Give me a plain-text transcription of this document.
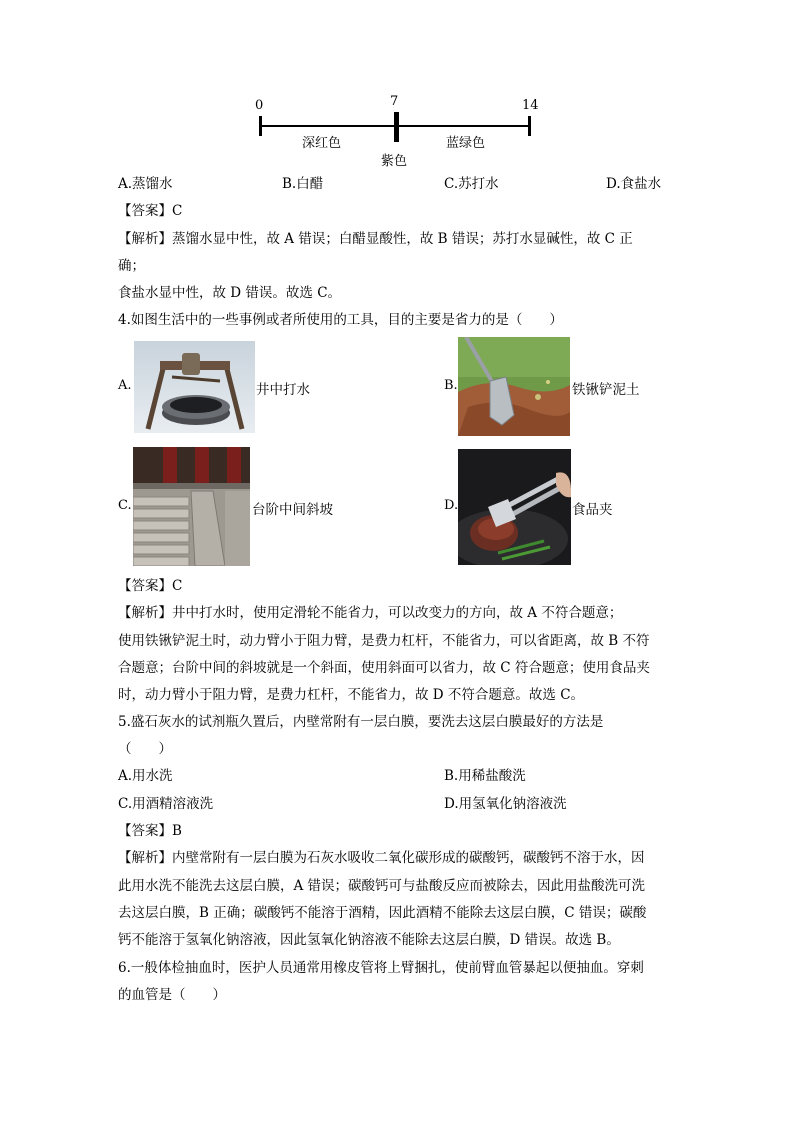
0	7	14
深红色	蓝绿色
紫色
A.蒸馏水	B.白醋	C.苏打水	D.食盐水
【答案】C
【解析】蒸馏水显中性，故 A 错误；白醋显酸性，故 B 错误；苏打水显碱性，故 C 正
确；
食盐水显中性，故 D 错误。故选 C。
4.如图生活中的一些事例或者所使用的工具，目的主要是省力的是（　　）
A.	井中打水	B.	铁锹铲泥土
C.	台阶中间斜坡	D.	食品夹
【答案】C
【解析】井中打水时，使用定滑轮不能省力，可以改变力的方向，故 A 不符合题意；
使用铁锹铲泥土时，动力臂小于阻力臂，是费力杠杆，不能省力，可以省距离，故 B 不符
合题意；台阶中间的斜坡就是一个斜面，使用斜面可以省力，故 C 符合题意；使用食品夹
时，动力臂小于阻力臂，是费力杠杆，不能省力，故 D 不符合题意。故选 C。
5.盛石灰水的试剂瓶久置后，内壁常附有一层白膜，要洗去这层白膜最好的方法是
（　　）
A.用水洗	B.用稀盐酸洗
C.用酒精溶液洗	D.用氢氧化钠溶液洗
【答案】B
【解析】内壁常附有一层白膜为石灰水吸收二氧化碳形成的碳酸钙，碳酸钙不溶于水，因
此用水洗不能洗去这层白膜，A 错误；碳酸钙可与盐酸反应而被除去，因此用盐酸洗可洗
去这层白膜，B 正确；碳酸钙不能溶于酒精，因此酒精不能除去这层白膜，C 错误；碳酸
钙不能溶于氢氧化钠溶液，因此氢氧化钠溶液不能除去这层白膜，D 错误。故选 B。
6.一般体检抽血时，医护人员通常用橡皮管将上臂捆扎，使前臂血管暴起以便抽血。穿刺
的血管是（　　）
